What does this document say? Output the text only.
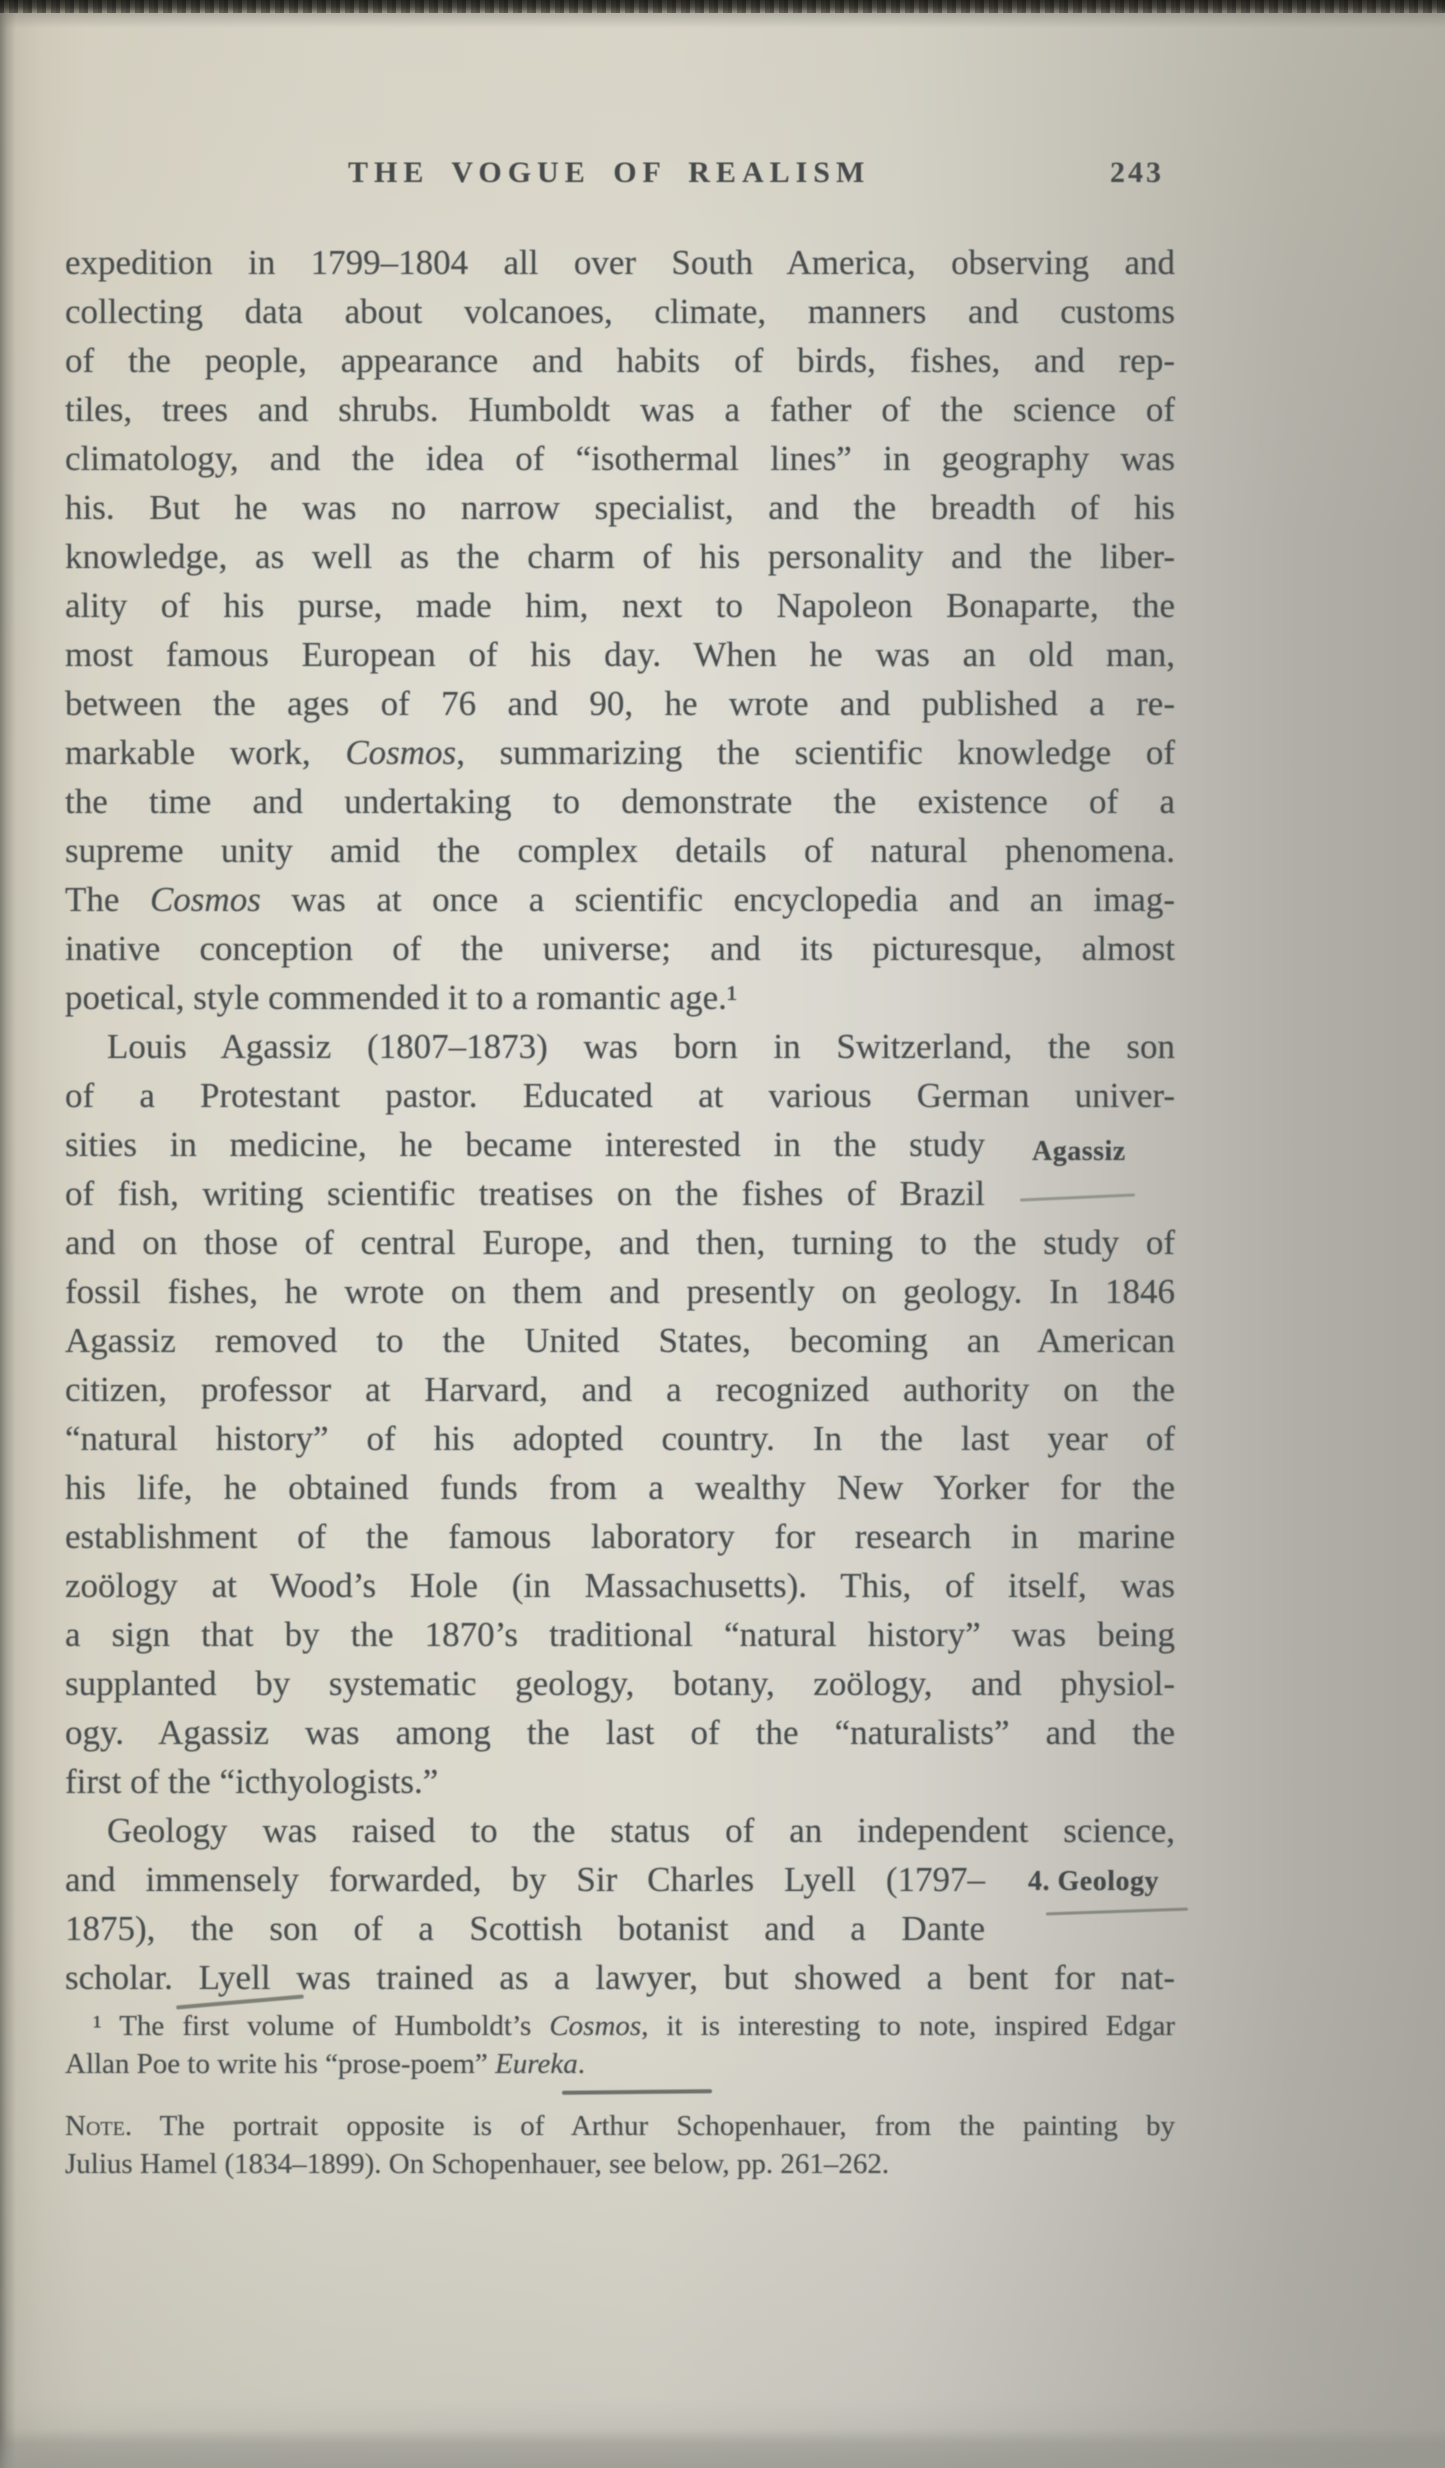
THE VOGUE OF REALISM	243
expedition in 1799–1804 all over South America, observing and
collecting data about volcanoes, climate, manners and customs
of the people, appearance and habits of birds, fishes, and rep-
tiles, trees and shrubs. Humboldt was a father of the science of
climatology, and the idea of “isothermal lines” in geography was
his. But he was no narrow specialist, and the breadth of his
knowledge, as well as the charm of his personality and the liber-
ality of his purse, made him, next to Napoleon Bonaparte, the
most famous European of his day. When he was an old man,
between the ages of 76 and 90, he wrote and published a re-
markable work, Cosmos, summarizing the scientific knowledge of
the time and undertaking to demonstrate the existence of a
supreme unity amid the complex details of natural phenomena.
The Cosmos was at once a scientific encyclopedia and an imag-
inative conception of the universe; and its picturesque, almost
poetical, style commended it to a romantic age.¹
Louis Agassiz (1807–1873) was born in Switzerland, the son
of a Protestant pastor. Educated at various German univer-
sities in medicine, he became interested in the study
of fish, writing scientific treatises on the fishes of Brazil
and on those of central Europe, and then, turning to the study of
fossil fishes, he wrote on them and presently on geology. In 1846
Agassiz removed to the United States, becoming an American
citizen, professor at Harvard, and a recognized authority on the
“natural history” of his adopted country. In the last year of
his life, he obtained funds from a wealthy New Yorker for the
establishment of the famous laboratory for research in marine
zoölogy at Wood’s Hole (in Massachusetts). This, of itself, was
a sign that by the 1870’s traditional “natural history” was being
supplanted by systematic geology, botany, zoölogy, and physiol-
ogy. Agassiz was among the last of the “naturalists” and the
first of the “icthyologists.”
Geology was raised to the status of an independent science,
and immensely forwarded, by Sir Charles Lyell (1797–
1875), the son of a Scottish botanist and a Dante
scholar. Lyell was trained as a lawyer, but showed a bent for nat-
Agassiz
4. Geology
¹ The first volume of Humboldt’s Cosmos, it is interesting to note, inspired Edgar
Allan Poe to write his “prose-poem” Eureka.
Note. The portrait opposite is of Arthur Schopenhauer, from the painting by
Julius Hamel (1834–1899). On Schopenhauer, see below, pp. 261–262.
